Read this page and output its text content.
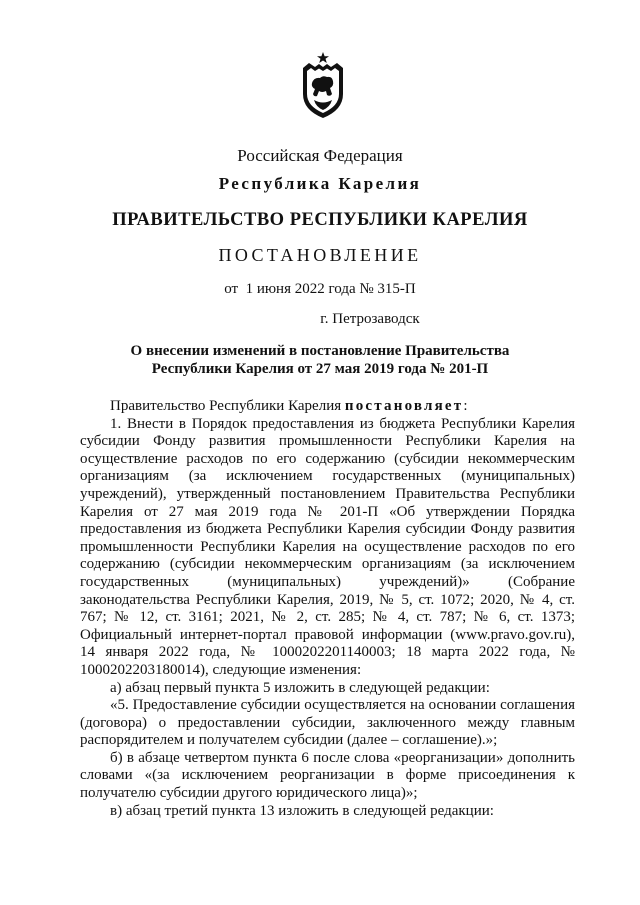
Российская Федерация
Республика Карелия
ПРАВИТЕЛЬСТВО РЕСПУБЛИКИ КАРЕЛИЯ
ПОСТАНОВЛЕНИЕ
от  1 июня 2022 года № 315-П
г. Петрозаводск
О внесении изменений в постановление Правительства
Республики Карелия от 27 мая 2019 года № 201-П

Правительство Республики Карелия постановляет:

1. Внести в Порядок предоставления из бюджета Республики Карелия субсидии Фонду развития промышленности Республики Карелия на осуществление расходов по его содержанию (субсидии некоммерческим организациям (за исключением государственных (муниципальных) учреждений), утвержденный постановлением Правительства Республики Карелия от 27 мая 2019 года № 201-П «Об утверждении Порядка предоставления из бюджета Республики Карелия субсидии Фонду развития промышленности Республики Карелия на осуществление расходов по его содержанию (субсидии некоммерческим организациям (за исключением государственных (муниципальных) учреждений)» (Собрание законодательства Республики Карелия, 2019, № 5, ст. 1072; 2020, № 4, ст. 767; № 12, ст. 3161; 2021, № 2, ст. 285; № 4, ст. 787; № 6, ст. 1373; Официальный интернет-портал правовой информации (www.pravo.gov.ru), 14 января 2022 года, № 1000202201140003; 18 марта 2022 года, № 1000202203180014), следующие изменения:

а) абзац первый пункта 5 изложить в следующей редакции:

«5. Предоставление субсидии осуществляется на основании соглашения (договора) о предоставлении субсидии, заключенного между главным распорядителем и получателем субсидии (далее – соглашение).»;

б) в абзаце четвертом пункта 6 после слова «реорганизации» дополнить словами «(за исключением реорганизации в форме присоединения к получателю субсидии другого юридического лица)»;

в) абзац третий пункта 13 изложить в следующей редакции:
